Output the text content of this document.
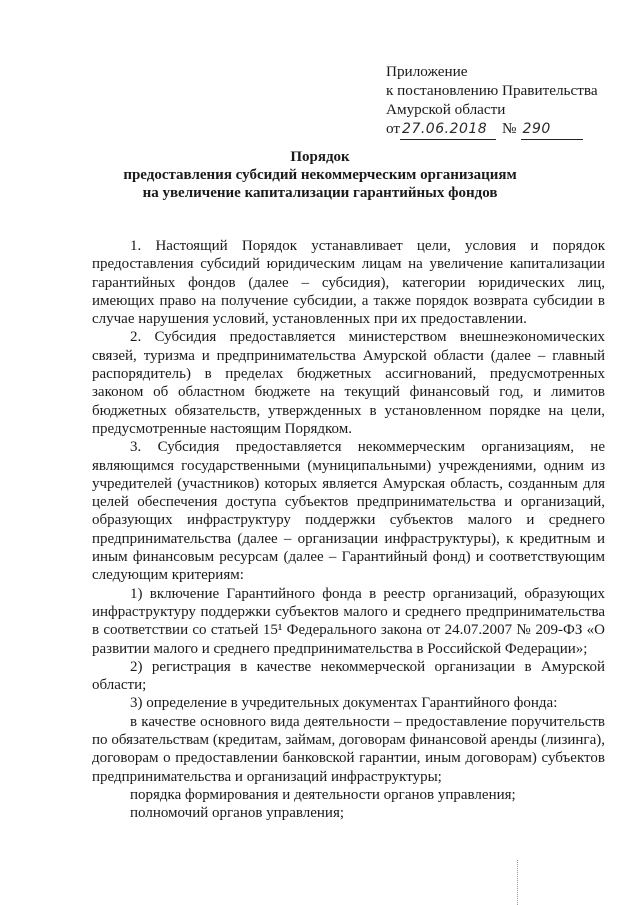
Приложение
к постановлению Правительства
Амурской области
от 27.06.2018 № 290
Порядок
предоставления субсидий некоммерческим организациям
на увеличение капитализации гарантийных фондов

1. Настоящий Порядок устанавливает цели, условия и порядок предоставления субсидий юридическим лицам на увеличение капитализации гарантийных фондов (далее – субсидия), категории юридических лиц, имеющих право на получение субсидии, а также порядок возврата субсидии в случае нарушения условий, установленных при их предоставлении.

2. Субсидия предоставляется министерством внешнеэкономических связей, туризма и предпринимательства Амурской области (далее – главный распорядитель) в пределах бюджетных ассигнований, предусмотренных законом об областном бюджете на текущий финансовый год, и лимитов бюджетных обязательств, утвержденных в установленном порядке на цели, предусмотренные настоящим Порядком.

3. Субсидия предоставляется некоммерческим организациям, не являющимся государственными (муниципальными) учреждениями, одним из учредителей (участников) которых является Амурская область, созданным для целей обеспечения доступа субъектов предпринимательства и организаций, образующих инфраструктуру поддержки субъектов малого и среднего предпринимательства (далее – организации инфраструктуры), к кредитным и иным финансовым ресурсам (далее – Гарантийный фонд) и соответствующим следующим критериям:

1) включение Гарантийного фонда в реестр организаций, образующих инфраструктуру поддержки субъектов малого и среднего предпринимательства в соответствии со статьей 15¹ Федерального закона от 24.07.2007 № 209-ФЗ «О развитии малого и среднего предпринимательства в Российской Федерации»;

2) регистрация в качестве некоммерческой организации в Амурской области;

3) определение в учредительных документах Гарантийного фонда:

в качестве основного вида деятельности – предоставление поручительств по обязательствам (кредитам, займам, договорам финансовой аренды (лизинга), договорам о предоставлении банковской гарантии, иным договорам) субъектов предпринимательства и организаций инфраструктуры;

порядка формирования и деятельности органов управления;

полномочий органов управления;
